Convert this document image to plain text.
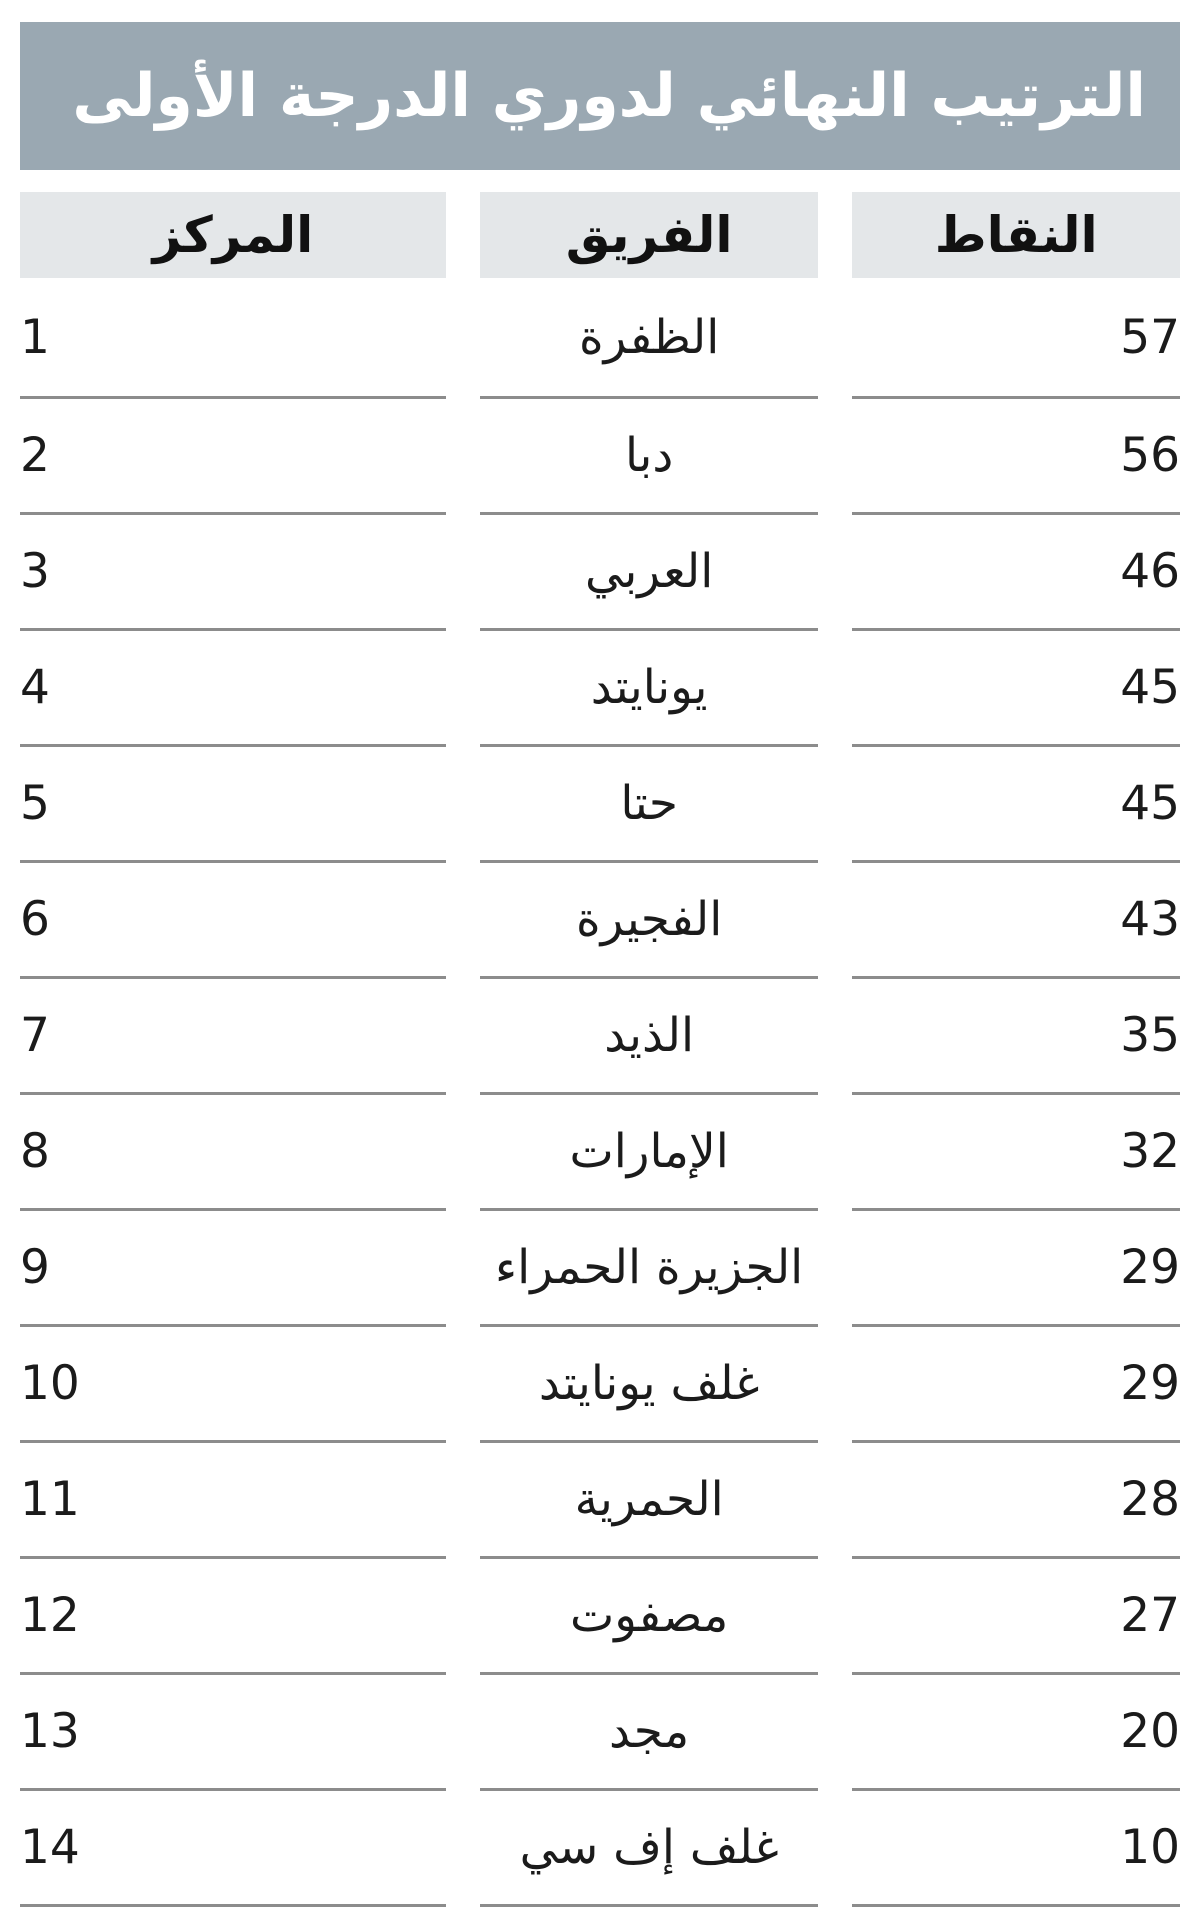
الترتيب النهائي لدوري الدرجة الأولى
النقاط		الفريق		المركز
57		الظفرة		1
56		دبا		2
46		العربي		3
45		يونايتد		4
45		حتا		5
43		الفجيرة		6
35		الذيد		7
32		الإمارات		8
29		الجزيرة الحمراء		9
29		غلف يونايتد		10
28		الحمرية		11
27		مصفوت		12
20		مجد		13
10		غلف إف سي		14
